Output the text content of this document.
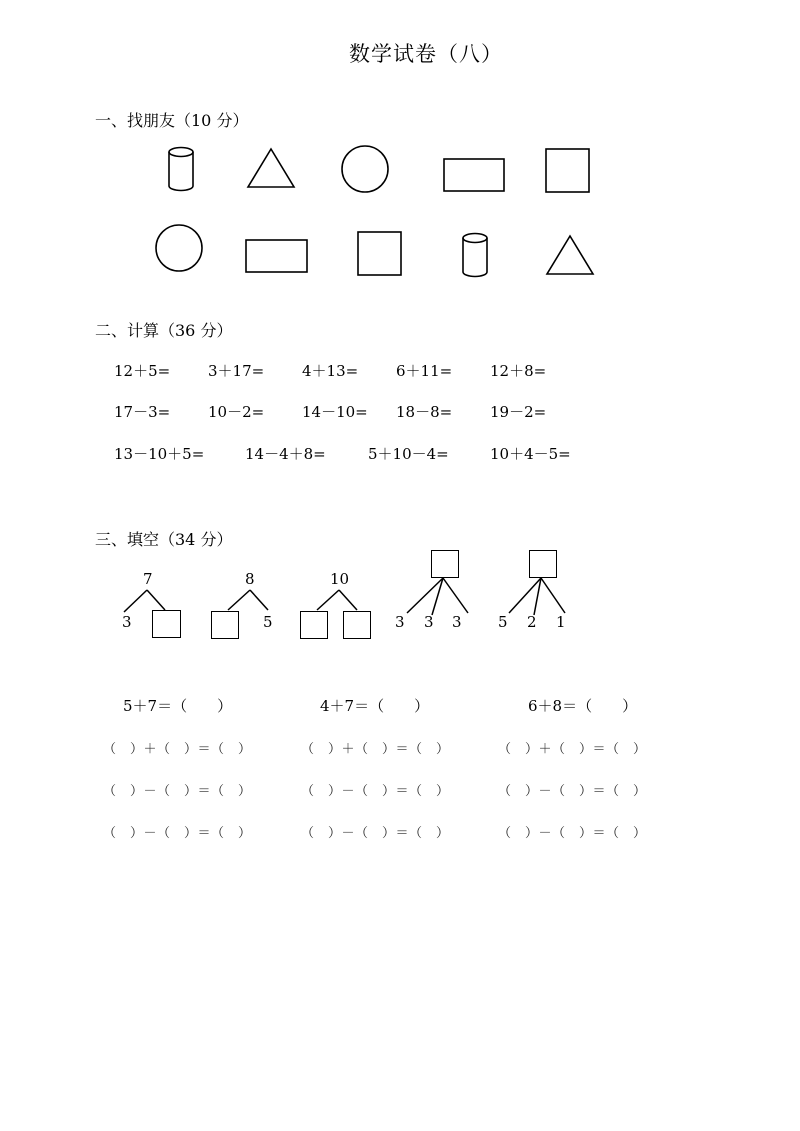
数学试卷（八）
一、找朋友（10 分）
二、计算（36 分）
12＋5=	3＋17=	4＋13=	6＋11=	12＋8=
17－3=	10－2=	14－10= 18－8=	19－2=
13－10＋5=	14－4＋8=	5＋10－4=	10＋4－5=
三、填空（34 分）
7
3
8
5
10
3 3 3 5 2 1
5＋7＝（　　）	4＋7＝（　　）	6＋8＝（　　）
（　）＋（　）＝（　）	（　）＋（　）＝（　）	（　）＋（　）＝（　）
（　）－（　）＝（　）	（　）－（　）＝（　）	（　）－（　）＝（　）
（　）－（　）＝（　）	（　）－（　）＝（　）	（　）－（　）＝（　）
